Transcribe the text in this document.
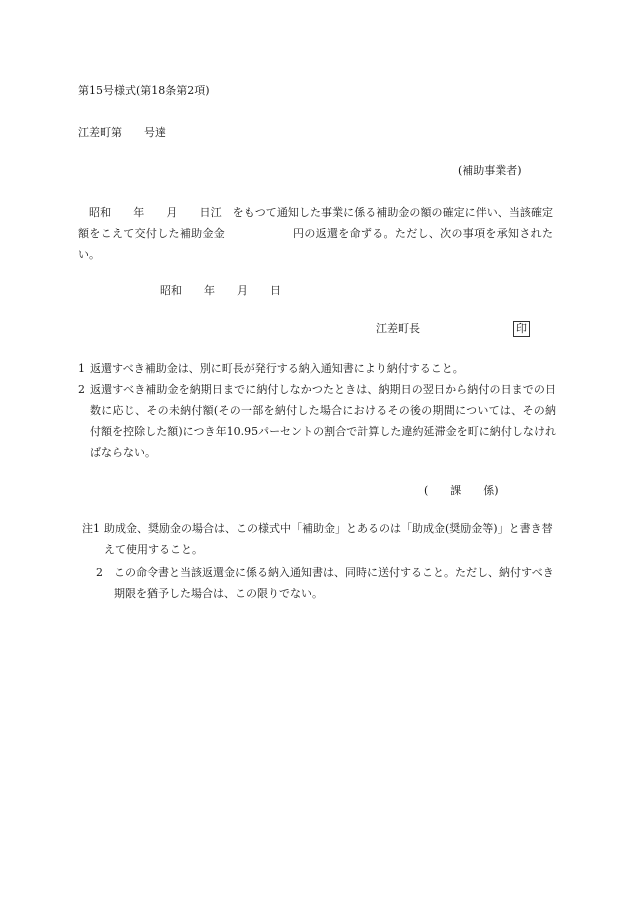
第15号様式(第18条第2項)
江差町第　　号達
(補助事業者)
　昭和　　年　　月　　日江　をもつて通知した事業に係る補助金の額の確定に伴い、当該確定額をこえて交付した補助金金　　　　　　円の返還を命ずる。ただし、次の事項を承知されたい。
昭和　　年　　月　　日
江差町長	印
1 返還すべき補助金は、別に町長が発行する納入通知書により納付すること。
2 返還すべき補助金を納期日までに納付しなかつたときは、納期日の翌日から納付の日までの日数に応じ、その未納付額(その一部を納付した場合におけるその後の期間については、その納付額を控除した額)につき年10.95パーセントの割合で計算した違約延滞金を町に納付しなければならない。
(　　課　　係)
注1 助成金、奨励金の場合は、この様式中「補助金」とあるのは「助成金(奨励金等)」と書き替えて使用すること。
2	この命令書と当該返還金に係る納入通知書は、同時に送付すること。ただし、納付すべき期限を猶予した場合は、この限りでない。
